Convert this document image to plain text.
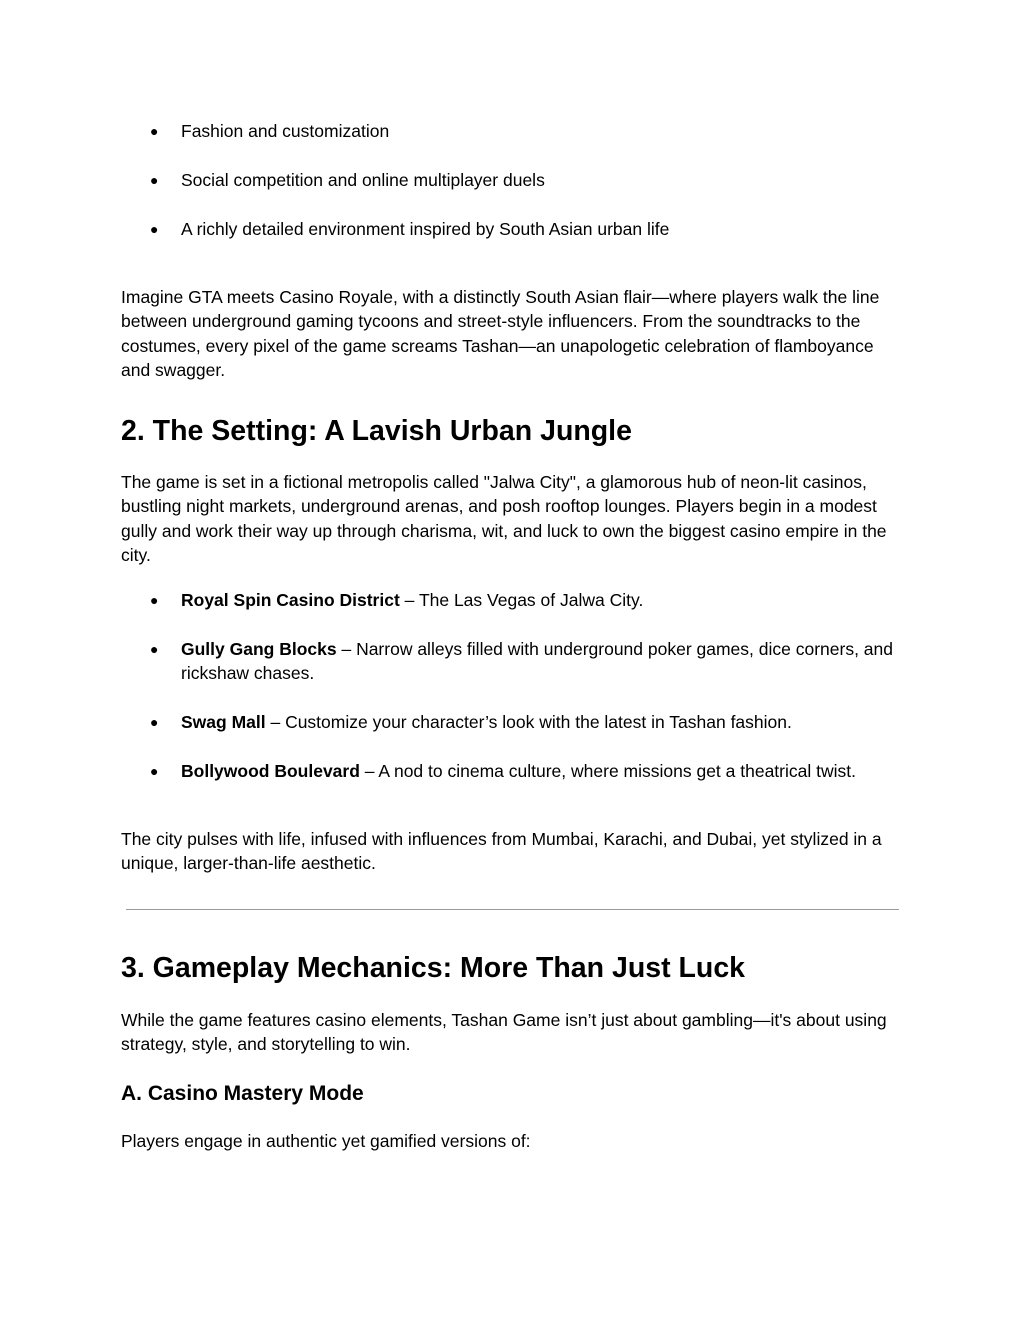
● Fashion and customization
● Social competition and online multiplayer duels
● A richly detailed environment inspired by South Asian urban life

Imagine GTA meets Casino Royale, with a distinctly South Asian flair—where players walk the line between underground gaming tycoons and street-style influencers. From the soundtracks to the costumes, every pixel of the game screams Tashan—an unapologetic celebration of flamboyance and swagger.

2. The Setting: A Lavish Urban Jungle

The game is set in a fictional metropolis called "Jalwa City", a glamorous hub of neon-lit casinos, bustling night markets, underground arenas, and posh rooftop lounges. Players begin in a modest gully and work their way up through charisma, wit, and luck to own the biggest casino empire in the city.

● Royal Spin Casino District – The Las Vegas of Jalwa City.
● Gully Gang Blocks – Narrow alleys filled with underground poker games, dice corners, and rickshaw chases.
● Swag Mall – Customize your character’s look with the latest in Tashan fashion.
● Bollywood Boulevard – A nod to cinema culture, where missions get a theatrical twist.

The city pulses with life, infused with influences from Mumbai, Karachi, and Dubai, yet stylized in a unique, larger-than-life aesthetic.

3. Gameplay Mechanics: More Than Just Luck

While the game features casino elements, Tashan Game isn’t just about gambling—it's about using strategy, style, and storytelling to win.

A. Casino Mastery Mode

Players engage in authentic yet gamified versions of:
